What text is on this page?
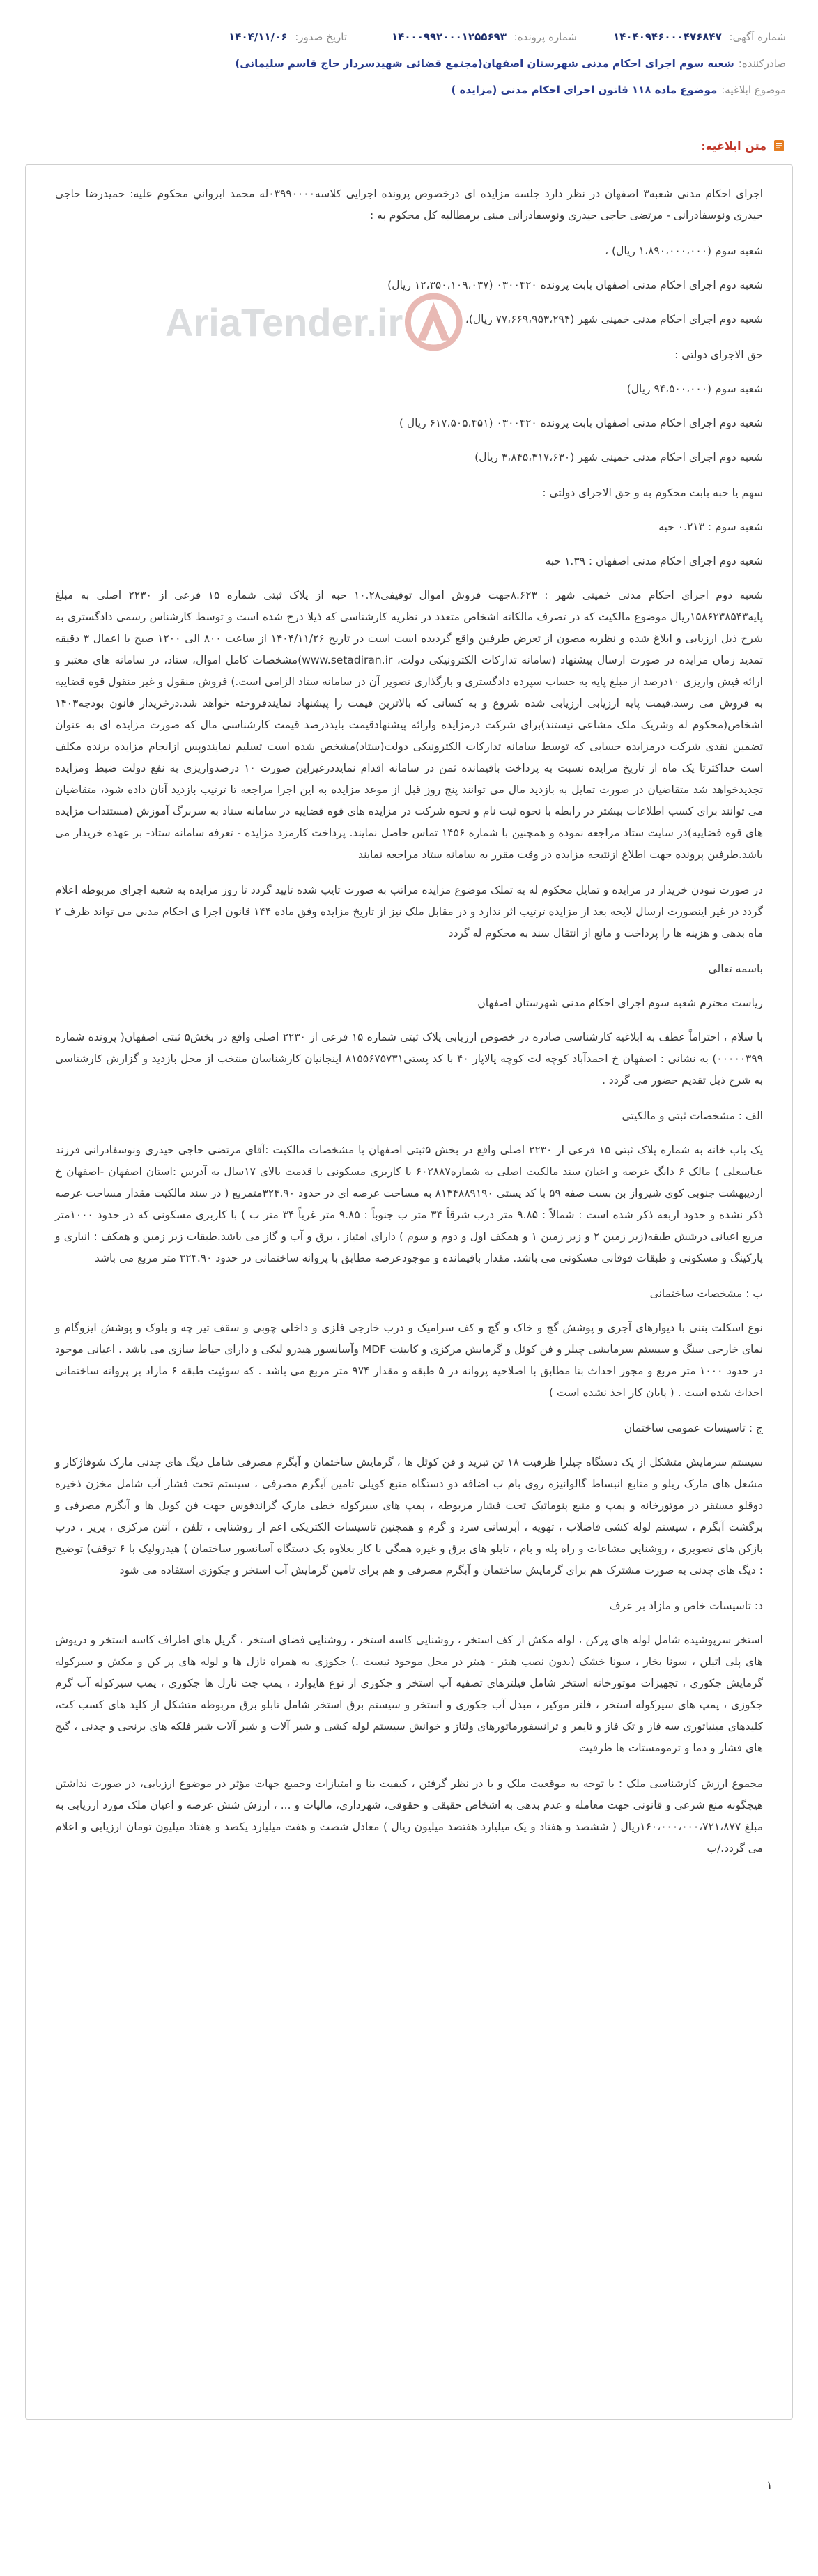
شماره آگهی: ۱۴۰۴۰۹۴۶۰۰۰۴۷۶۸۴۷
شماره پرونده: ۱۴۰۰۰۹۹۲۰۰۰۱۲۵۵۶۹۳
تاریخ صدور: ۱۴۰۴/۱۱/۰۶
صادرکننده:
شعبه سوم اجرای احکام مدنی شهرستان اصفهان(مجتمع قضائی شهیدسردار حاج قاسم سلیمانی)
موضوع ابلاغیه:
موضوع ماده ۱۱۸ قانون اجرای احکام مدنی (مزایده )
متن ابلاغیه:
AriaTender.ir

اجرای احکام مدنی شعبه۳ اصفهان در نظر دارد جلسه مزایده ای درخصوص پرونده اجرایی کلاسه۰۳۹۹۰۰۰۰له محمد ابرواني محکوم علیه: حمیدرضا حاجی حیدری ونوسفادرانی - مرتضی حاجی حیدری ونوسفادرانی مبنی برمطالبه کل محکوم به :

شعبه سوم (۱،۸۹۰،۰۰۰،۰۰۰ ریال) ،

شعبه دوم اجرای احکام مدنی اصفهان بابت پرونده ۰۳۰۰۴۲۰ (۱۲،۳۵۰،۱۰۹،۰۳۷ ریال)

شعبه دوم اجرای احکام مدنی خمینی شهر (۷۷،۶۶۹،۹۵۳،۲۹۴ ریال)،

حق الاجرای دولتی :

شعبه سوم (۹۴،۵۰۰،۰۰۰ ریال)

شعبه دوم اجرای احکام مدنی اصفهان بابت پرونده ۰۳۰۰۴۲۰ (۶۱۷،۵۰۵،۴۵۱ ریال )

شعبه دوم اجرای احکام مدنی خمینی شهر (۳،۸۴۵،۳۱۷،۶۳۰ ریال)

سهم یا حبه بابت محکوم به و حق الاجرای دولتی :

شعبه سوم : ۰.۲۱۳ حبه

شعبه دوم اجرای احکام مدنی اصفهان : ۱.۳۹ حبه

شعبه دوم اجرای احکام مدنی خمینی شهر : ۸.۶۲۳جهت فروش اموال توقیفی۱۰.۲۸ حبه از پلاک ثبتی شماره ۱۵ فرعی از ۲۲۳۰ اصلی به مبلغ پایه۱۵۸۶۲۳۸۵۴۳ریال موضوع مالکیت که در تصرف مالکانه اشخاص متعدد در نظریه کارشناسی که ذیلا درج شده است و توسط کارشناس رسمی دادگستری به شرح ذیل ارزیابی و ابلاغ شده و نظریه مصون از تعرض طرفین واقع گردیده است است در تاریخ ۱۴۰۴/۱۱/۲۶ از ساعت ۸۰۰ الی ۱۲۰۰ صبح با اعمال ۳ دقیقه تمدید زمان مزایده در صورت ارسال پیشنهاد (سامانه تدارکات الکترونیکی دولت، www.setadiran.ir)مشخصات کامل اموال، ستاد، در سامانه های معتبر و ارائه فیش واریزی ۱۰درصد از مبلغ پایه به حساب سپرده دادگستری و بارگذاری تصویر آن در سامانه ستاد الزامی است.) فروش منقول و غیر منقول قوه قضاییه به فروش می رسد.قیمت پایه ارزیابی ارزیابی شده شروع و به کسانی که بالاترین قیمت را پیشنهاد نمایندفروخته خواهد شد.درخریدار قانون بودجه۱۴۰۳ اشخاص(محکوم له وشریک ملک مشاعی نیستند)برای شرکت درمزایده وارائه پیشنهادقیمت بایددرصد قیمت کارشناسی مال که صورت مزایده ای به عنوان تضمین نقدی شرکت درمزایده حسابی که توسط سامانه تدارکات الکترونیکی دولت(ستاد)مشخص شده است تسلیم نمایندوپس ازانجام مزایده برنده مکلف است حداکثرتا یک ماه از تاریخ مزایده نسبت به پرداخت باقیمانده ثمن در سامانه اقدام نمایددرغیراین صورت ۱۰ درصدواریزی به نفع دولت ضبط ومزایده تجدیدخواهد شد متقاضیان در صورت تمایل به بازدید مال می توانند پنج روز قبل از موعد مزایده به این اجرا مراجعه تا ترتیب بازدید آنان داده شود، متقاضیان می توانند برای کسب اطلاعات بیشتر در رابطه با نحوه ثبت نام و نحوه شرکت در مزایده های قوه قضاییه در سامانه ستاد به سربرگ آموزش (مستندات مزایده های قوه قضاییه)در سایت ستاد مراجعه نموده و همچنین با شماره ۱۴۵۶ تماس حاصل نمایند. پرداخت کارمزد مزایده - تعرفه سامانه ستاد- بر عهده خریدار می باشد.طرفین پرونده جهت اطلاع ازنتیجه مزایده در وقت مقرر به سامانه ستاد مراجعه نمایند

در صورت نبودن خریدار در مزایده و تمایل محکوم له به تملک موضوع مزایده مراتب به صورت تایپ شده تایید گردد تا روز مزایده به شعبه اجرای مربوطه اعلام گردد در غیر اینصورت ارسال لایحه بعد از مزایده ترتیب اثر ندارد و در مقابل ملک نیز از تاریخ مزایده وفق ماده ۱۴۴ قانون اجرا ی احکام مدنی می تواند ظرف ۲ ماه بدهی و هزینه ها را پرداخت و مانع از انتقال سند به محکوم له گردد

باسمه تعالی

ریاست محترم شعبه سوم اجرای احکام مدنی شهرستان اصفهان

با سلام ، احتراماً عطف به ابلاغیه کارشناسی صادره در خصوص ارزیابی پلاک ثبتی شماره ۱۵ فرعی از ۲۲۳۰ اصلی واقع در بخش۵ ثبتی اصفهان( پرونده شماره ۰۰۰۰۰۳۹۹) به نشانی : اصفهان خ احمدآباد کوچه لت کوچه پالاپار ۴۰ با کد پستی۸۱۵۵۶۷۵۷۳۱ اینجانیان کارشناسان منتخب از محل بازدید و گزارش کارشناسی به شرح ذیل تقدیم حضور می گردد .

الف : مشخصات ثبتی و مالکیتی

یک باب خانه به شماره پلاک ثبتی ۱۵ فرعی از ۲۲۳۰ اصلی واقع در بخش ۵ثبتی اصفهان با مشخصات مالکیت :آقای مرتضی حاجی حیدری ونوسفادرانی فرزند عباسعلی ) مالک ۶ دانگ عرصه و اعیان سند مالکیت اصلی به شماره۶۰۲۸۸۷ با کاربری مسکونی با قدمت بالای ۱۷سال به آدرس :استان اصفهان -اصفهان خ اردیبهشت جنوبی کوی شیرواز بن بست صفه ۵۹ با کد پستی ۸۱۳۴۸۸۹۱۹۰ به مساحت عرصه ای در حدود ۳۲۴.۹۰متمربع ( در سند مالکیت مقدار مساحت عرصه ذکر نشده و حدود اربعه ذکر شده است : شمالاً : ۹.۸۵ متر درب شرقاً ۳۴ متر ب جنوباً : ۹.۸۵ متر غرباً ۳۴ متر ب ) با کاربری مسکونی که در حدود ۱۰۰۰متر مربع اعیانی درشش طبقه(زیر زمین ۲ و زیر زمین ۱ و همکف اول و دوم و سوم ) دارای امتیاز ، برق و آب و گاز می باشد.طبقات زیر زمین و همکف : انباری و پارکینگ و مسکونی و طبقات فوقانی مسکونی می باشد. مقدار باقیمانده و موجودعرصه مطابق با پروانه ساختمانی در حدود ۳۲۴.۹۰ متر مربع می باشد

ب : مشخصات ساختمانی

نوع اسکلت بتنی با دیوارهای آجری و پوشش گچ و خاک و گچ و کف سرامیک و درب خارجی فلزی و داخلی چوبی و سقف تیر چه و بلوک و پوشش ایزوگام و نمای خارجی سنگ و سیستم سرمایشی چیلر و فن کوئل و گرمایش مرکزی و کابینت MDF وآسانسور هیدرو لیکی و دارای حیاط سازی می باشد . اعیانی موجود در حدود ۱۰۰۰ متر مربع و مجوز احداث بنا مطابق با اصلاحیه پروانه در ۵ طبقه و مقدار ۹۷۴ متر مربع می باشد . که سوئیت طبقه ۶ مازاد بر پروانه ساختمانی احداث شده است . ( پایان کار اخذ نشده است )

ج : تاسیسات عمومی ساختمان

سیستم سرمایش متشکل از یک دستگاه چیلرا ظرفیت ۱۸ تن تبرید و فن کوئل ها ، گرمایش ساختمان و آبگرم مصرفی شامل دیگ های چدنی مارک شوفاژکار و مشعل های مارک ریلو و منابع انبساط گالوانیزه روی بام ب اضافه دو دستگاه منبع کویلی تامین آبگرم مصرفی ، سیستم تحت فشار آب شامل مخزن ذخیره دوقلو مستقر در موتورخانه و پمپ و منبع پنوماتیک تحت فشار مربوطه ، پمپ های سیرکوله خطی مارک گراندفوس جهت فن کویل ها و آبگرم مصرفی و برگشت آبگرم ، سیستم لوله کشی فاضلاب ، تهویه ، آبرسانی سرد و گرم و همچنین تاسیسات الکتریکی اعم از روشنایی ، تلفن ، آنتن مرکزی ، پریز ، درب بازکن های تصویری ، روشنایی مشاعات و راه پله و بام ، تابلو های برق و غیره همگی با کار بعلاوه یک دستگاه آسانسور ساختمان ) هیدرولیک با ۶ توقف) توضیح : دیگ های چدنی به صورت مشترک هم برای گرمایش ساختمان و آبگرم مصرفی و هم برای تامین گرمایش آب استخر و جکوزی استفاده می شود

د: تاسیسات خاص و مازاد بر عرف

استخر سرپوشیده شامل لوله های پرکن ، لوله مکش از کف استخر ، روشنایی کاسه استخر ، روشنایی فضای استخر ، گریل های اطراف کاسه استخر و دریوش های پلی اتیلن ، سونا بخار ، سونا خشک (بدون نصب هیتر - هیتر در محل موجود نیست .) جکوزی به همراه نازل ها و لوله های پر کن و مکش و سیرکوله گرمایش جکوزی ، تجهیزات موتورخانه استخر شامل فیلترهای تصفیه آب استخر و جکوزی از نوع هایوارد ، پمپ جت نازل ها جکوزی ، پمپ سیرکوله آب گرم جکوزی ، پمپ های سیرکوله استخر ، فلتر موکیر ، مبدل آب جکوزی و استخر و سیستم برق استخر شامل تابلو برق مربوطه متشکل از کلید های کسب کت، کلیدهای مینیاتوری سه فاز و تک فاز و تایمر و ترانسفورماتورهای ولتاژ و خوانش سیستم لوله کشی و شیر آلات و شیر آلات شیر فلکه های برنجی و چدنی ، گیج های فشار و دما و ترمومستات ها ظرفیت

مجموع ارزش کارشناسی ملک : با توجه به موقعیت ملک و با در نظر گرفتن ، کیفیت بنا و امتیازات وجمیع جهات مؤثر در موضوع ارزیابی، در صورت نداشتن هیچگونه منع شرعی و قانونی جهت معامله و عدم بدهی به اشخاص حقیقی و حقوقی، شهرداری، مالیات و ... ، ارزش شش عرصه و اعیان ملک مورد ارزیابی به مبلغ ۱۶۰،۰۰۰،۰۰۰،۷۲۱،۸۷۷ریال ( ششصد و هفتاد و یک میلیارد هفتصد میلیون ریال ) معادل شصت و هفت میلیارد یکصد و هفتاد میلیون تومان ارزیابی و اعلام می گردد./ب

۱
